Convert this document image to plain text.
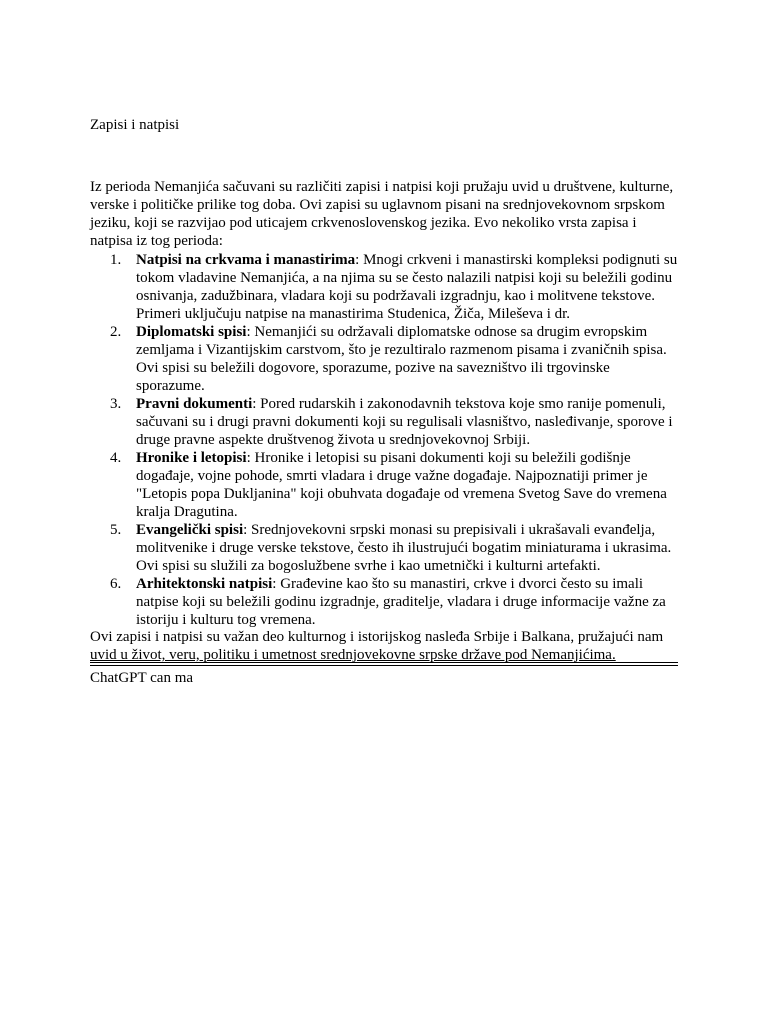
Zapisi i natpisi

Iz perioda Nemanjića sačuvani su različiti zapisi i natpisi koji pružaju uvid u društvene, kulturne, verske i političke prilike tog doba. Ovi zapisi su uglavnom pisani na srednjovekovnom srpskom jeziku, koji se razvijao pod uticajem crkvenoslovenskog jezika. Evo nekoliko vrsta zapisa i natpisa iz tog perioda:

1. Natpisi na crkvama i manastirima: Mnogi crkveni i manastirski kompleksi podignuti su tokom vladavine Nemanjića, a na njima su se često nalazili natpisi koji su beležili godinu osnivanja, zadužbinara, vladara koji su podržavali izgradnju, kao i molitvene tekstove. Primeri uključuju natpise na manastirima Studenica, Žiča, Mileševa i dr.
2. Diplomatski spisi: Nemanjići su održavali diplomatske odnose sa drugim evropskim zemljama i Vizantijskim carstvom, što je rezultiralo razmenom pisama i zvaničnih spisa. Ovi spisi su beležili dogovore, sporazume, pozive na savezništvo ili trgovinske sporazume.
3. Pravni dokumenti: Pored rudarskih i zakonodavnih tekstova koje smo ranije pomenuli, sačuvani su i drugi pravni dokumenti koji su regulisali vlasništvo, nasleđivanje, sporove i druge pravne aspekte društvenog života u srednjovekovnoj Srbiji.
4. Hronike i letopisi: Hronike i letopisi su pisani dokumenti koji su beležili godišnje događaje, vojne pohode, smrti vladara i druge važne događaje. Najpoznatiji primer je "Letopis popa Dukljanina" koji obuhvata događaje od vremena Svetog Save do vremena kralja Dragutina.
5. Evangelički spisi: Srednjovekovni srpski monasi su prepisivali i ukrašavali evanđelja, molitvenike i druge verske tekstove, često ih ilustrujući bogatim miniaturama i ukrasima. Ovi spisi su služili za bogoslužbene svrhe i kao umetnički i kulturni artefakti.
6. Arhitektonski natpisi: Građevine kao što su manastiri, crkve i dvorci često su imali natpise koji su beležili godinu izgradnje, graditelje, vladara i druge informacije važne za istoriju i kulturu tog vremena.

Ovi zapisi i natpisi su važan deo kulturnog i istorijskog nasleđa Srbije i Balkana, pružajući nam
uvid u život, veru, politiku i umetnost srednjovekovne srpske države pod Nemanjićima.

ChatGPT can ma
